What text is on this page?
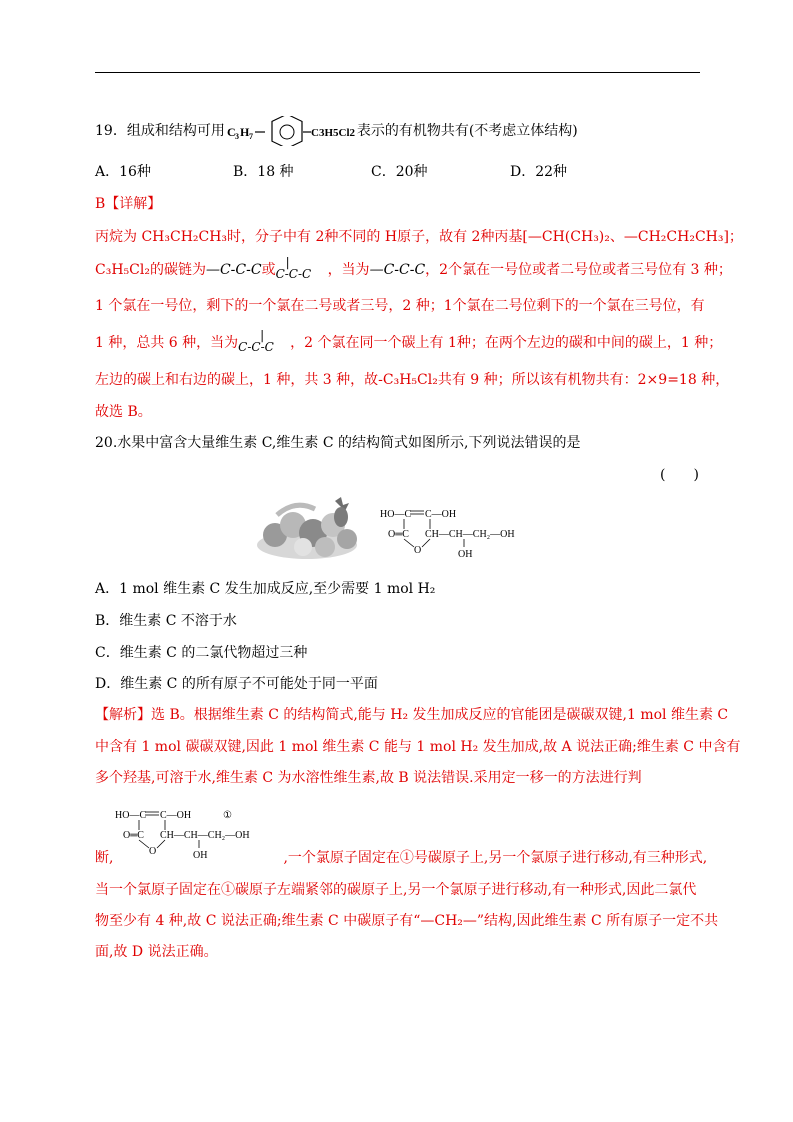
19．组成和结构可用 C 3 H 7	C3H5Cl2 表示的有机物共有(不考虑立体结构)
A．16种	B．18 种	C．20种	D．22种
B【详解】
丙烷为 CH₃CH₂CH₃时，分子中有 2种不同的 H原子，故有 2种丙基[—CH(CH₃)₂、—CH₂CH₂CH₃]；
C₃H₅Cl₂的碳链为—C-C-C或 |
C-C-C ，当为—C-C-C，2个氯在一号位或者二号位或者三号位有 3 种；
1 个氯在一号位，剩下的一个氯在二号或者三号，2 种；1个氯在二号位剩下的一个氯在三号位，有
1 种，总共 6 种，当为 |
C-C-C ，2 个氯在同一个碳上有 1种；在两个左边的碳和中间的碳上，1 种；
左边的碳上和右边的碳上，1 种，共 3 种，故-C₃H₅Cl₂共有 9 种；所以该有机物共有：2×9=18 种，
故选 B。
20.水果中富含大量维生素 C,维生素 C 的结构简式如图所示,下列说法错误的是
(　　)
HO—C C—OH
O═C CH—CH—CH₂—OH
O	OH
A．1 mol 维生素 C 发生加成反应,至少需要 1 mol H₂
B．维生素 C 不溶于水
C．维生素 C 的二氯代物超过三种
D．维生素 C 的所有原子不可能处于同一平面
【解析】选 B。根据维生素 C 的结构简式,能与 H₂ 发生加成反应的官能团是碳碳双键,1 mol 维生素 C
中含有 1 mol 碳碳双键,因此 1 mol 维生素 C 能与 1 mol H₂ 发生加成,故 A 说法正确;维生素 C 中含有
多个羟基,可溶于水,维生素 C 为水溶性维生素,故 B 说法错误.采用定一移一的方法进行判
HO—C C—OH	①
O═C CH—CH—CH₂—OH
O	OH
断,	,一个氯原子固定在①号碳原子上,另一个氯原子进行移动,有三种形式,
当一个氯原子固定在①碳原子左端紧邻的碳原子上,另一个氯原子进行移动,有一种形式,因此二氯代
物至少有 4 种,故 C 说法正确;维生素 C 中碳原子有“—CH₂—”结构,因此维生素 C 所有原子一定不共
面,故 D 说法正确。
